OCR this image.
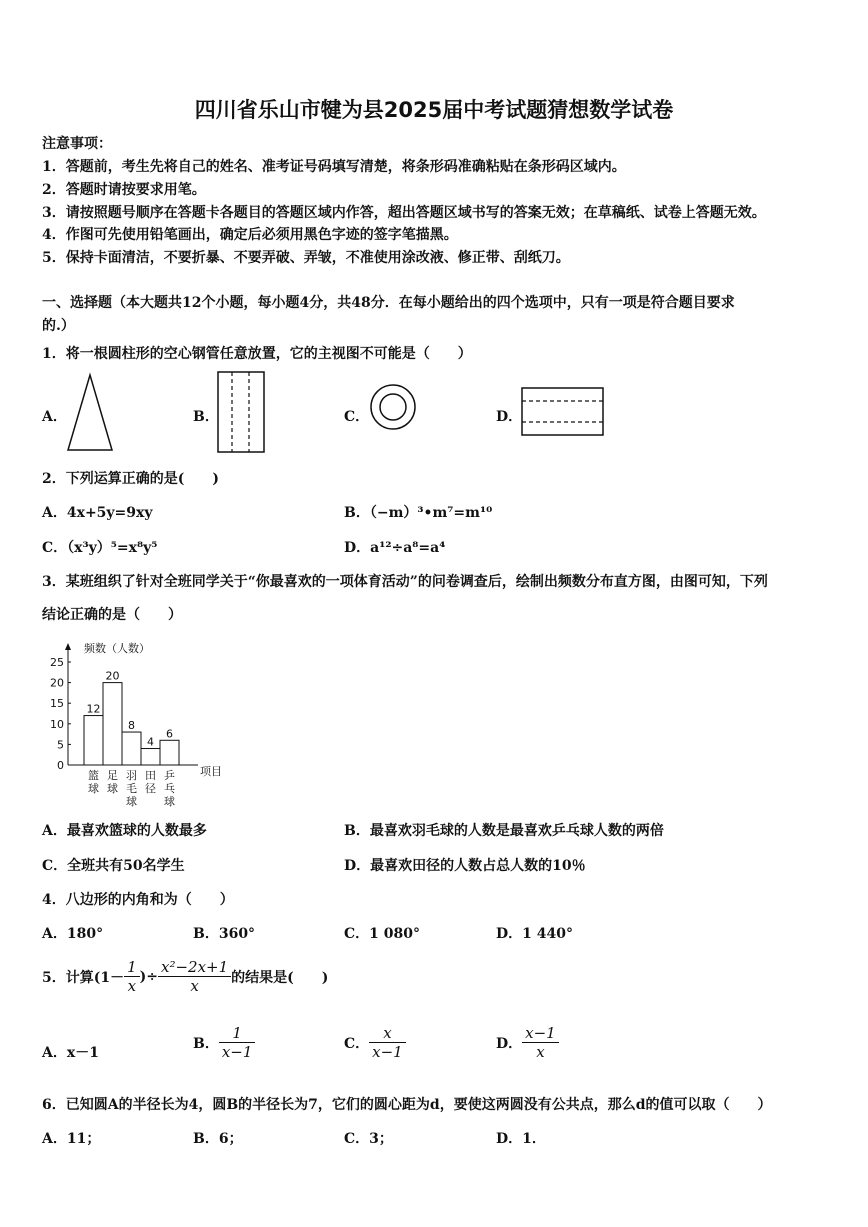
四川省乐山市犍为县2025届中考试题猜想数学试卷
注意事项：
1．答题前，考生先将自己的姓名、准考证号码填写清楚，将条形码准确粘贴在条形码区域内。
2．答题时请按要求用笔。
3．请按照题号顺序在答题卡各题目的答题区域内作答，超出答题区域书写的答案无效；在草稿纸、试卷上答题无效。
4．作图可先使用铅笔画出，确定后必须用黑色字迹的签字笔描黑。
5．保持卡面清洁，不要折暴、不要弄破、弄皱，不准使用涂改液、修正带、刮纸刀。
一、选择题（本大题共12个小题，每小题4分，共48分．在每小题给出的四个选项中，只有一项是符合题目要求
的.）
1．将一根圆柱形的空心钢管任意放置，它的主视图不可能是（　　）
A．	B．	C．	D．
2．下列运算正确的是(　　)
A．4x+5y=9xy	B．（−m）³•m⁷=m¹⁰
C．（x³y）⁵=x⁸y⁵	D．a¹²÷a⁸=a⁴
3．某班组织了针对全班同学关于“你最喜欢的一项体育活动”的问卷调查后，绘制出频数分布直方图，由图可知，下列
结论正确的是（　　）
频数（人数）
项目
0
5
10
15
20
25
12
篮
球
20
足
球
8
羽
毛
球
4
田
径
6
乒
乓
球
A．最喜欢篮球的人数最多	B．最喜欢羽毛球的人数是最喜欢乒乓球人数的两倍
C．全班共有50名学生	D．最喜欢田径的人数占总人数的10％
4．八边形的内角和为（　　）
A．180°	B．360°	C．1 080°	D．1 440°
5．计算($1- \frac{1}{x}$ )÷ $\frac{\text{x²−2x+1}}{x}$ 的结果是(　　)
A．x－1
B． $\frac{1}{x-1}$	C． $\frac{x}{x-1}$	D． $\frac{x-1}{x}$
6．已知圆A的半径长为4，圆B的半径长为7，它们的圆心距为d，要使这两圆没有公共点，那么d的值可以取（　　）
A．11；	B．6；	C．3；	D．1．
